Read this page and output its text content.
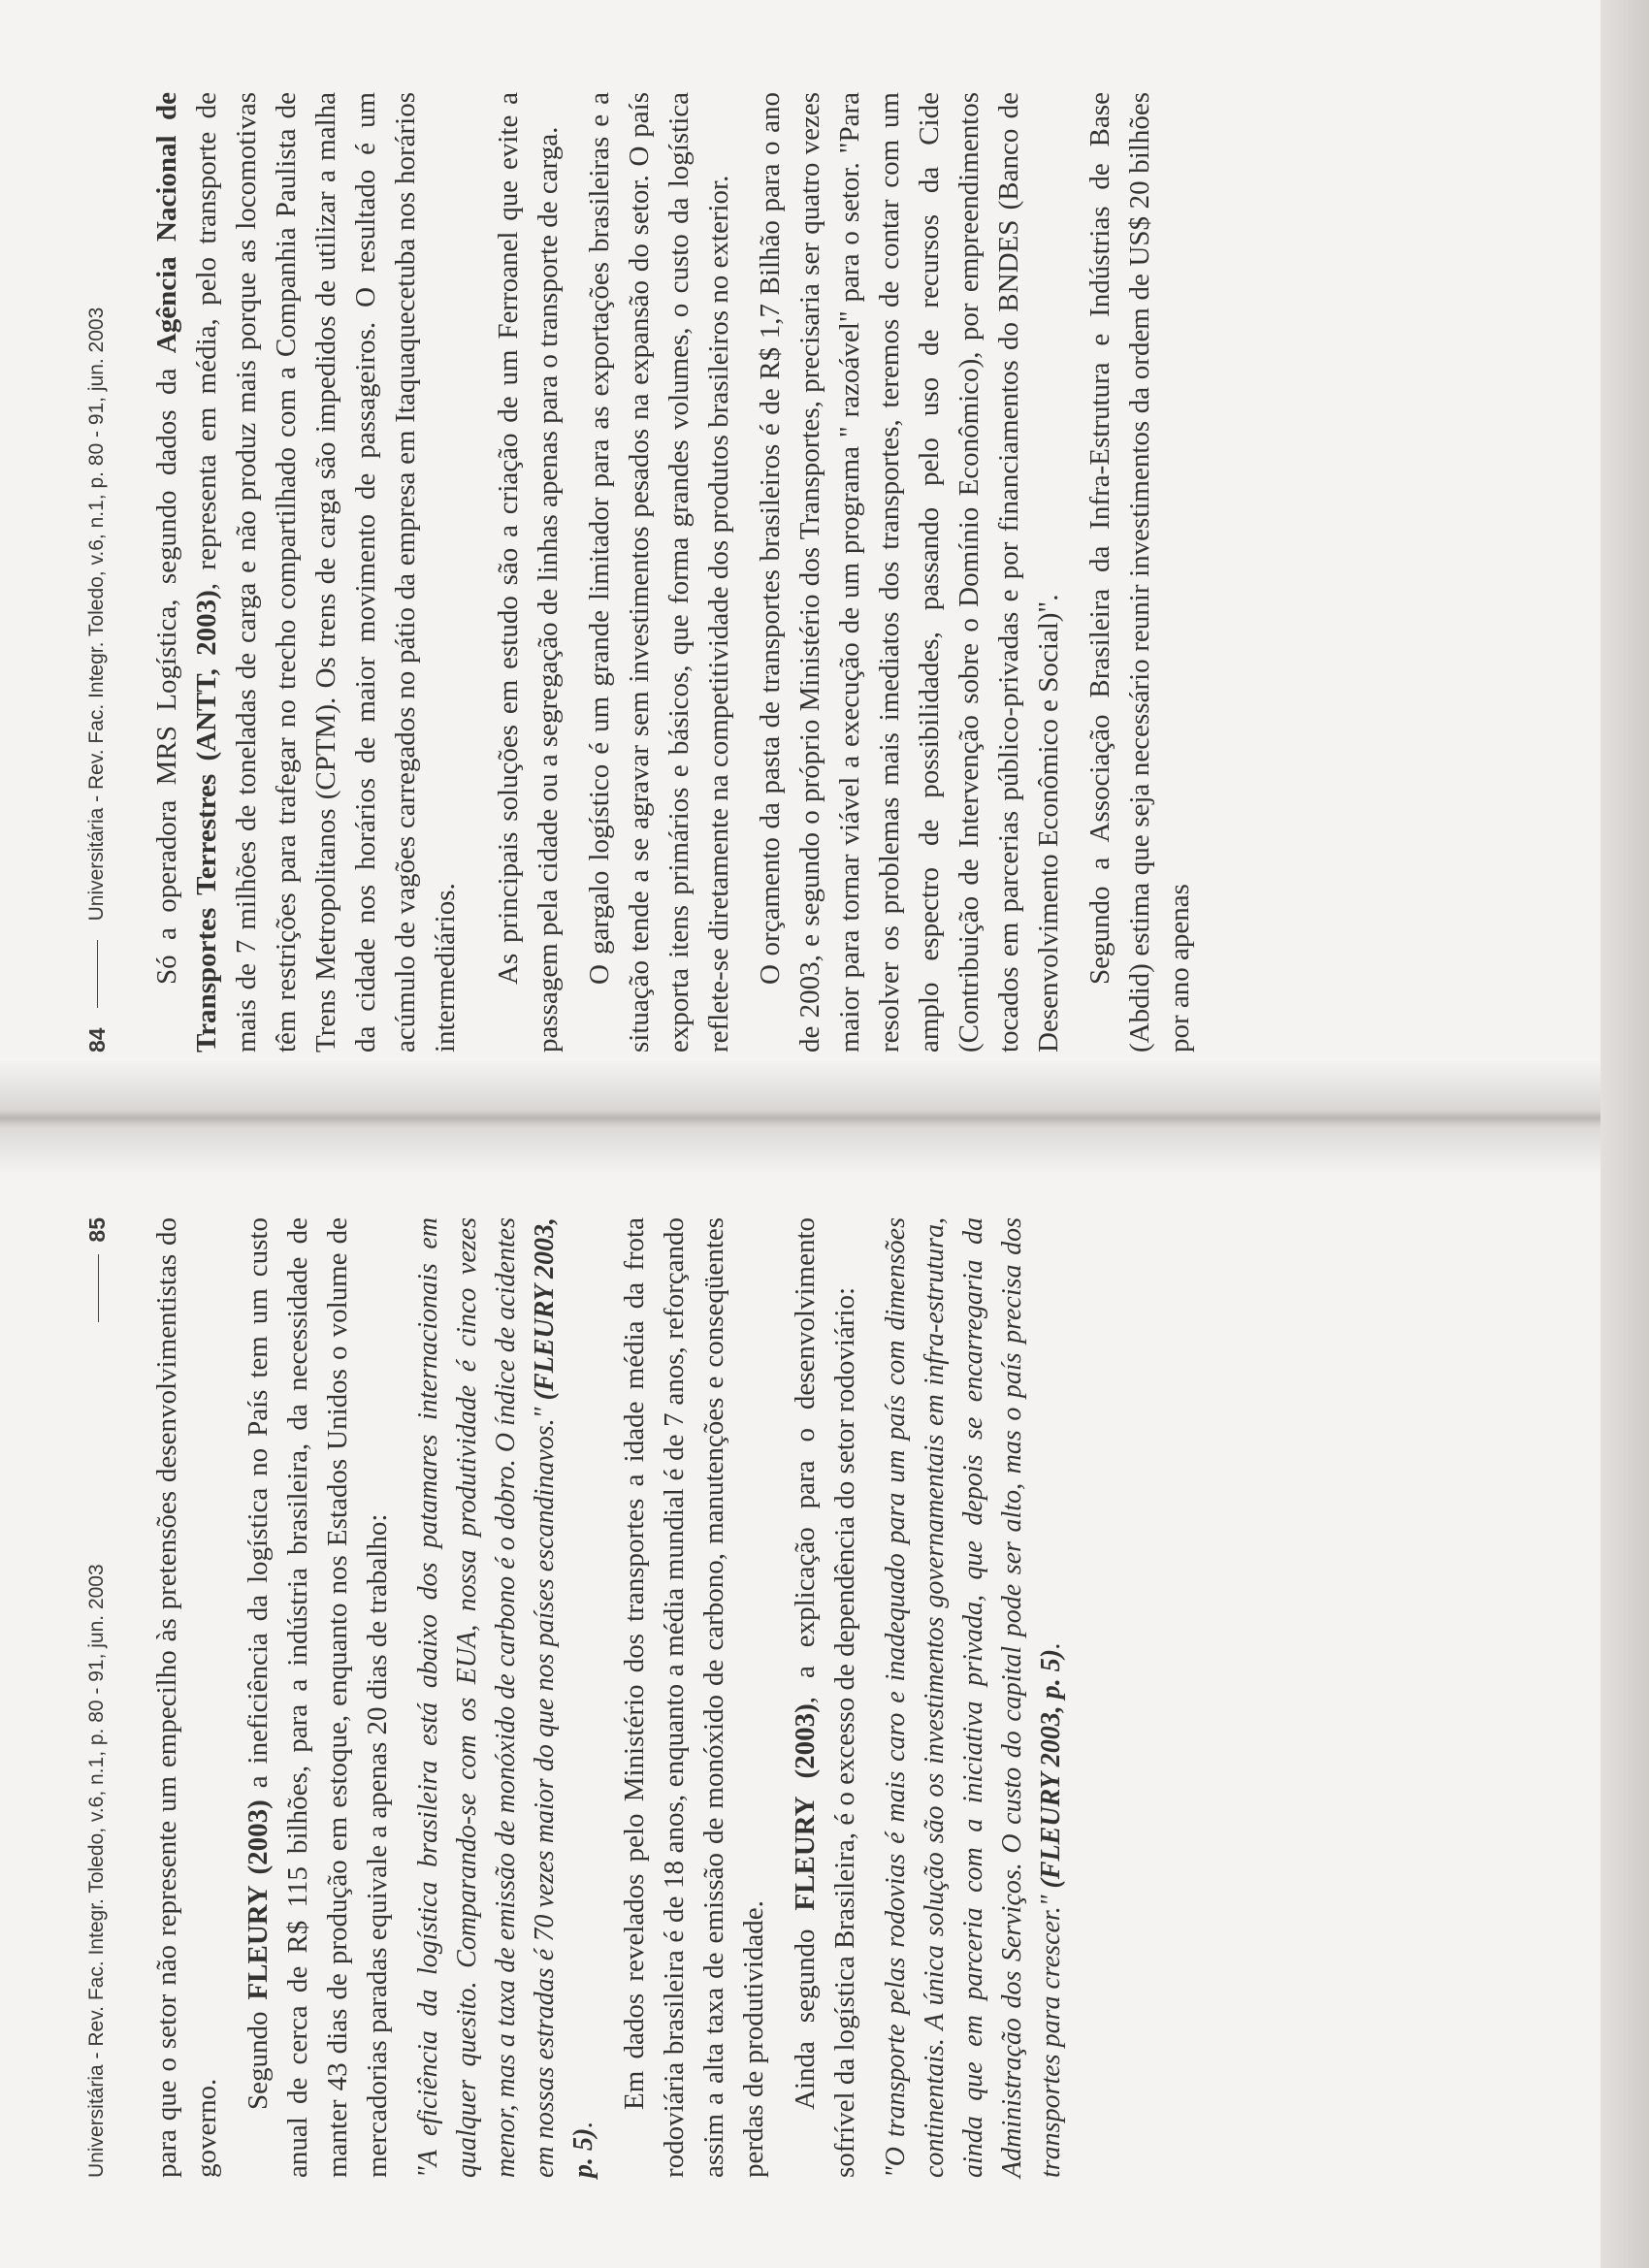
84
Universitária - Rev. Fac. Integr. Toledo, v.6, n.1, p. 80 - 91, jun. 2003 Só a operadora MRS Logística, segundo dados da Agência Nacional de Transportes Terrestres (ANTT, 2003), representa em média, pelo transporte de mais de 7 milhões de toneladas de carga e não produz mais porque as locomotivas têm restrições para trafegar no trecho compartilhado com a Companhia Paulista de Trens Metropolitanos (CPTM). Os trens de carga são impedidos de utilizar a malha da cidade nos horários de maior movimento de passageiros. O resultado é um acúmulo de vagões carregados no pátio da empresa em Itaquaquecetuba nos horários intermediários. As principais soluções em estudo são a criação de um Ferroanel que evite a passagem pela cidade ou a segregação de linhas apenas para o transporte de carga. O gargalo logístico é um grande limitador para as exportações brasileiras e a situação tende a se agravar sem investimentos pesados na expansão do setor. O país exporta itens primários e básicos, que forma grandes volumes, o custo da logística reflete-se diretamente na competitividade dos produtos brasileiros no exterior. O orçamento da pasta de transportes brasileiros é de R$ 1,7 Bilhão para o ano de 2003, e segundo o próprio Ministério dos Transportes, precisaria ser quatro vezes maior para tornar viável a execução de um programa " razoável" para o setor. "Para resolver os problemas mais imediatos dos transportes, teremos de contar com um amplo espectro de possibilidades, passando pelo uso de recursos da Cide (Contribuição de Intervenção sobre o Domínio Econômico), por empreendimentos tocados em parcerias público-privadas e por financiamentos do BNDES (Banco de Desenvolvimento Econômico e Social)". Segundo a Associação Brasileira da Infra-Estrutura e Indústrias de Base (Abdid) estima que seja necessário reunir investimentos da ordem de US$ 20 bilhões por ano apenas

Universitária - Rev. Fac. Integr. Toledo, v.6, n.1, p. 80 - 91, jun. 2003
85 para que o setor não represente um empecilho às pretensões desenvolvimentistas do governo.

Segundo FLEURY (2003) a ineficiência da logística no País tem um custo anual de cerca de R$ 115 bilhões, para a indústria brasileira, da necessidade de manter 43 dias de produção em estoque, enquanto nos Estados Unidos o volume de mercadorias paradas equivale a apenas 20 dias de trabalho: "A eficiência da logística brasileira está abaixo dos patamares internacionais em qualquer quesito. Comparando-se com os EUA, nossa produtividade é cinco vezes menor, mas a taxa de emissão de monóxido de carbono é o dobro. O índice de acidentes em nossas estradas é 70 vezes maior do que nos países escandinavos." (FLEURY 2003, p. 5).

Em dados revelados pelo Ministério dos transportes a idade média da frota rodoviária brasileira é de 18 anos, enquanto a média mundial é de 7 anos, reforçando assim a alta taxa de emissão de monóxido de carbono, manutenções e conseqüentes perdas de produtividade. Ainda segundo FLEURY (2003), a explicação para o desenvolvimento sofrível da logística Brasileira, é o excesso de dependência do setor rodoviário: "O transporte pelas rodovias é mais caro e inadequado para um país com dimensões continentais. A única solução são os investimentos governamentais em infra-estrutura, ainda que em parceria com a iniciativa privada, que depois se encarregaria da Administração dos Serviços. O custo do capital pode ser alto, mas o país precisa dos transportes para crescer." (FLEURY 2003, p. 5).
